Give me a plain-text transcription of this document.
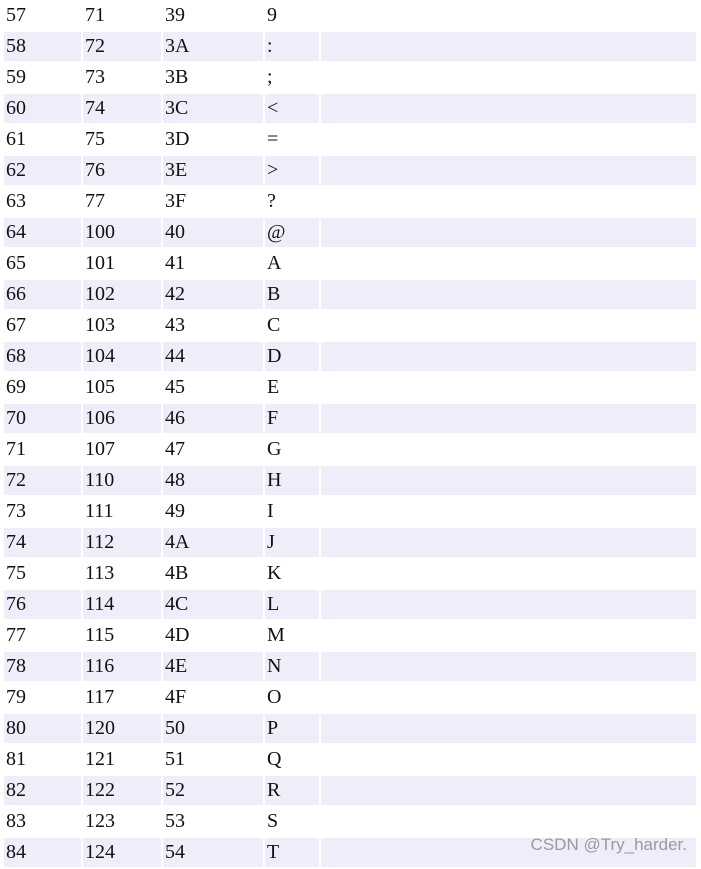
57	71	39	9
58	72	3A	:
59	73	3B	;
60	74	3C	<
61	75	3D	=
62	76	3E	>
63	77	3F	?
64	100	40	@
65	101	41	A
66	102	42	B
67	103	43	C
68	104	44	D
69	105	45	E
70	106	46	F
71	107	47	G
72	110	48	H
73	111	49	I
74	112	4A	J
75	113	4B	K
76	114	4C	L
77	115	4D	M
78	116	4E	N
79	117	4F	O
80	120	50	P
81	121	51	Q
82	122	52	R
83	123	53	S
84	124	54	T	CSDN @Try_harder.
